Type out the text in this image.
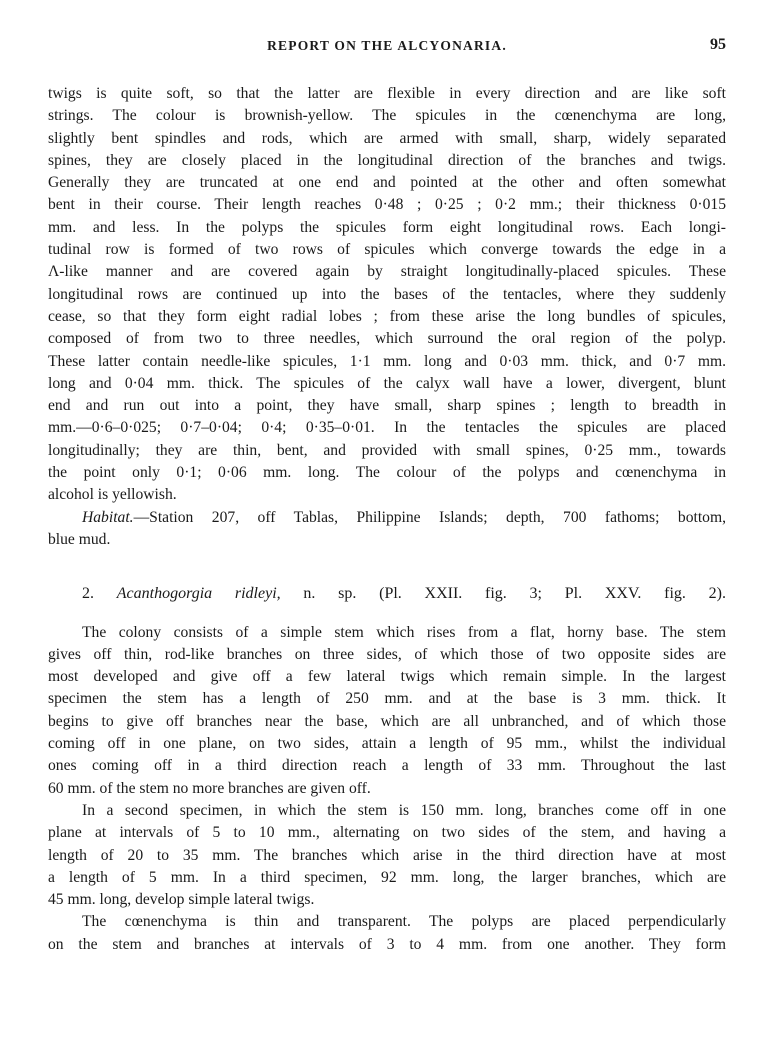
REPORT ON THE ALCYONARIA.	95

twigs is quite soft, so that the latter are flexible in every direction and are like soft

strings. The colour is brownish-yellow. The spicules in the cœnenchyma are long,

slightly bent spindles and rods, which are armed with small, sharp, widely separated

spines, they are closely placed in the longitudinal direction of the branches and twigs.

Generally they are truncated at one end and pointed at the other and often somewhat

bent in their course. Their length reaches 0·48 ; 0·25 ; 0·2 mm.; their thickness 0·015

mm. and less. In the polyps the spicules form eight longitudinal rows. Each longi-

tudinal row is formed of two rows of spicules which converge towards the edge in a

Λ-like manner and are covered again by straight longitudinally-placed spicules. These

longitudinal rows are continued up into the bases of the tentacles, where they suddenly

cease, so that they form eight radial lobes ; from these arise the long bundles of spicules,

composed of from two to three needles, which surround the oral region of the polyp.

These latter contain needle-like spicules, 1·1 mm. long and 0·03 mm. thick, and 0·7 mm.

long and 0·04 mm. thick. The spicules of the calyx wall have a lower, divergent, blunt

end and run out into a point, they have small, sharp spines ; length to breadth in

mm.—0·6–0·025; 0·7–0·04; 0·4; 0·35–0·01. In the tentacles the spicules are placed

longitudinally; they are thin, bent, and provided with small spines, 0·25 mm., towards

the point only 0·1; 0·06 mm. long. The colour of the polyps and cœnenchyma in

alcohol is yellowish.

Habitat.—Station 207, off Tablas, Philippine Islands; depth, 700 fathoms; bottom,

blue mud.

2. Acanthogorgia ridleyi, n. sp. (Pl. XXII. fig. 3; Pl. XXV. fig. 2).

The colony consists of a simple stem which rises from a flat, horny base. The stem

gives off thin, rod-like branches on three sides, of which those of two opposite sides are

most developed and give off a few lateral twigs which remain simple. In the largest

specimen the stem has a length of 250 mm. and at the base is 3 mm. thick. It

begins to give off branches near the base, which are all unbranched, and of which those

coming off in one plane, on two sides, attain a length of 95 mm., whilst the individual

ones coming off in a third direction reach a length of 33 mm. Throughout the last

60 mm. of the stem no more branches are given off.

In a second specimen, in which the stem is 150 mm. long, branches come off in one

plane at intervals of 5 to 10 mm., alternating on two sides of the stem, and having a

length of 20 to 35 mm. The branches which arise in the third direction have at most

a length of 5 mm. In a third specimen, 92 mm. long, the larger branches, which are

45 mm. long, develop simple lateral twigs.

The cœnenchyma is thin and transparent. The polyps are placed perpendicularly

on the stem and branches at intervals of 3 to 4 mm. from one another. They form
